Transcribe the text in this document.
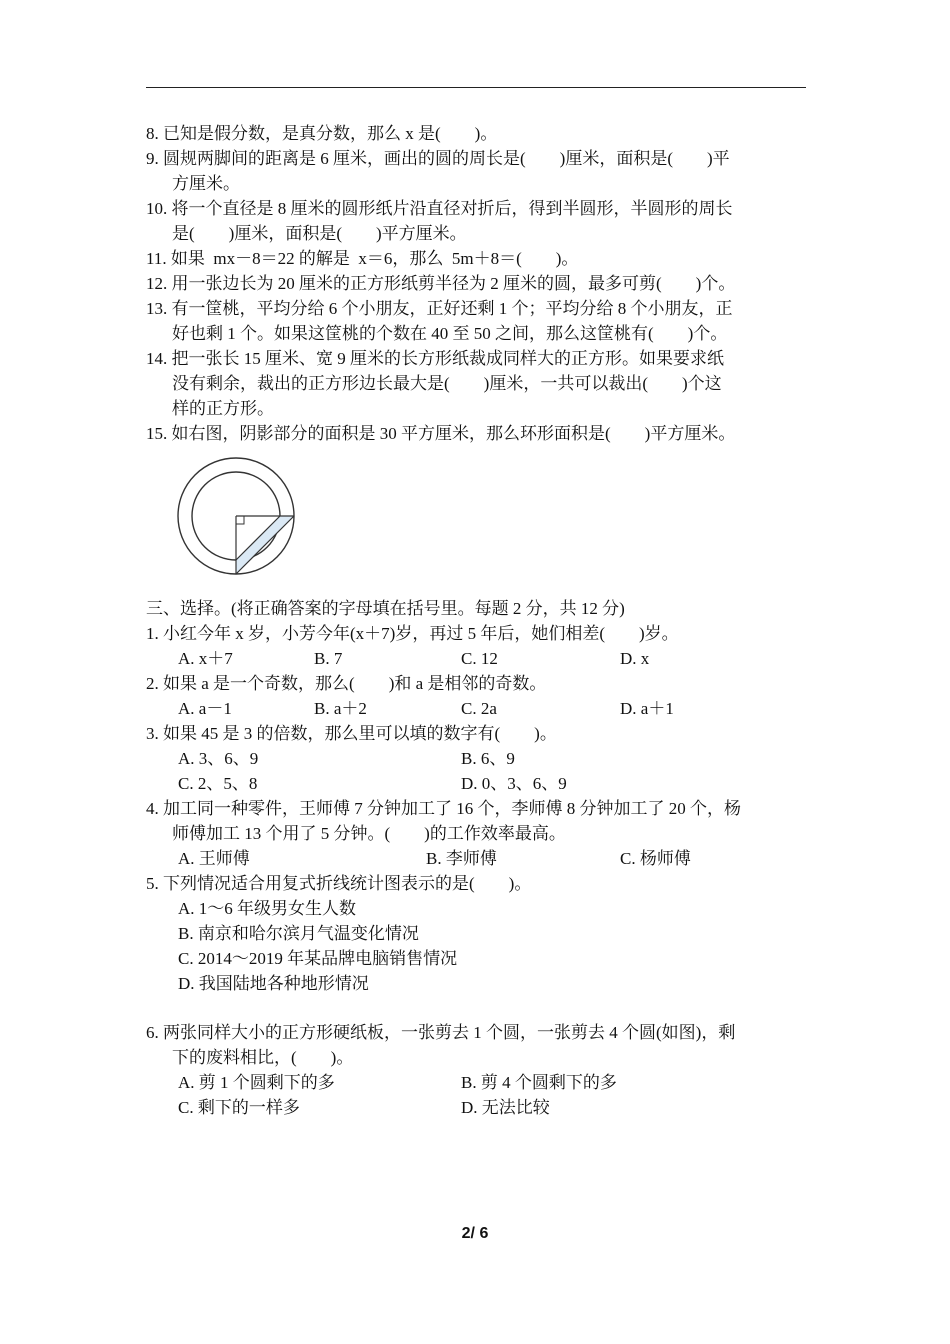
8. 已知是假分数，是真分数，那么 x 是(        )。
9. 圆规两脚间的距离是 6 厘米，画出的圆的周长是(        )厘米，面积是(        )平
方厘米。
10. 将一个直径是 8 厘米的圆形纸片沿直径对折后，得到半圆形，半圆形的周长
是(        )厘米，面积是(        )平方厘米。
11. 如果  mx－8＝22 的解是  x＝6，那么  5m＋8＝(        )。
12. 用一张边长为 20 厘米的正方形纸剪半径为 2 厘米的圆，最多可剪(        )个。
13. 有一筐桃，平均分给 6 个小朋友，正好还剩 1 个；平均分给 8 个小朋友，正
好也剩 1 个。如果这筐桃的个数在 40 至 50 之间，那么这筐桃有(        )个。
14. 把一张长 15 厘米、宽 9 厘米的长方形纸裁成同样大的正方形。如果要求纸
没有剩余，裁出的正方形边长最大是(        )厘米，一共可以裁出(        )个这
样的正方形。
15. 如右图，阴影部分的面积是 30 平方厘米，那么环形面积是(        )平方厘米。
三、选择。(将正确答案的字母填在括号里。每题 2 分，共 12 分)
1. 小红今年 x 岁，小芳今年(x＋7)岁，再过 5 年后，她们相差(        )岁。
A. x＋7	B. 7	C. 12	D. x
2. 如果 a 是一个奇数，那么(        )和 a 是相邻的奇数。
A. a－1	B. a＋2	C. 2a	D. a＋1
3. 如果 45 是 3 的倍数，那么里可以填的数字有(        )。
A. 3、6、9	B. 6、9
C. 2、5、8	D. 0、3、6、9
4. 加工同一种零件，王师傅 7 分钟加工了 16 个，李师傅 8 分钟加工了 20 个，杨
师傅加工 13 个用了 5 分钟。(        )的工作效率最高。
A. 王师傅	B. 李师傅	C. 杨师傅
5. 下列情况适合用复式折线统计图表示的是(        )。
A. 1～6 年级男女生人数
B. 南京和哈尔滨月气温变化情况
C. 2014～2019 年某品牌电脑销售情况
D. 我国陆地各种地形情况
6. 两张同样大小的正方形硬纸板，一张剪去 1 个圆，一张剪去 4 个圆(如图)，剩
下的废料相比，(        )。
A. 剪 1 个圆剩下的多	B. 剪 4 个圆剩下的多
C. 剩下的一样多	D. 无法比较
2/ 6
